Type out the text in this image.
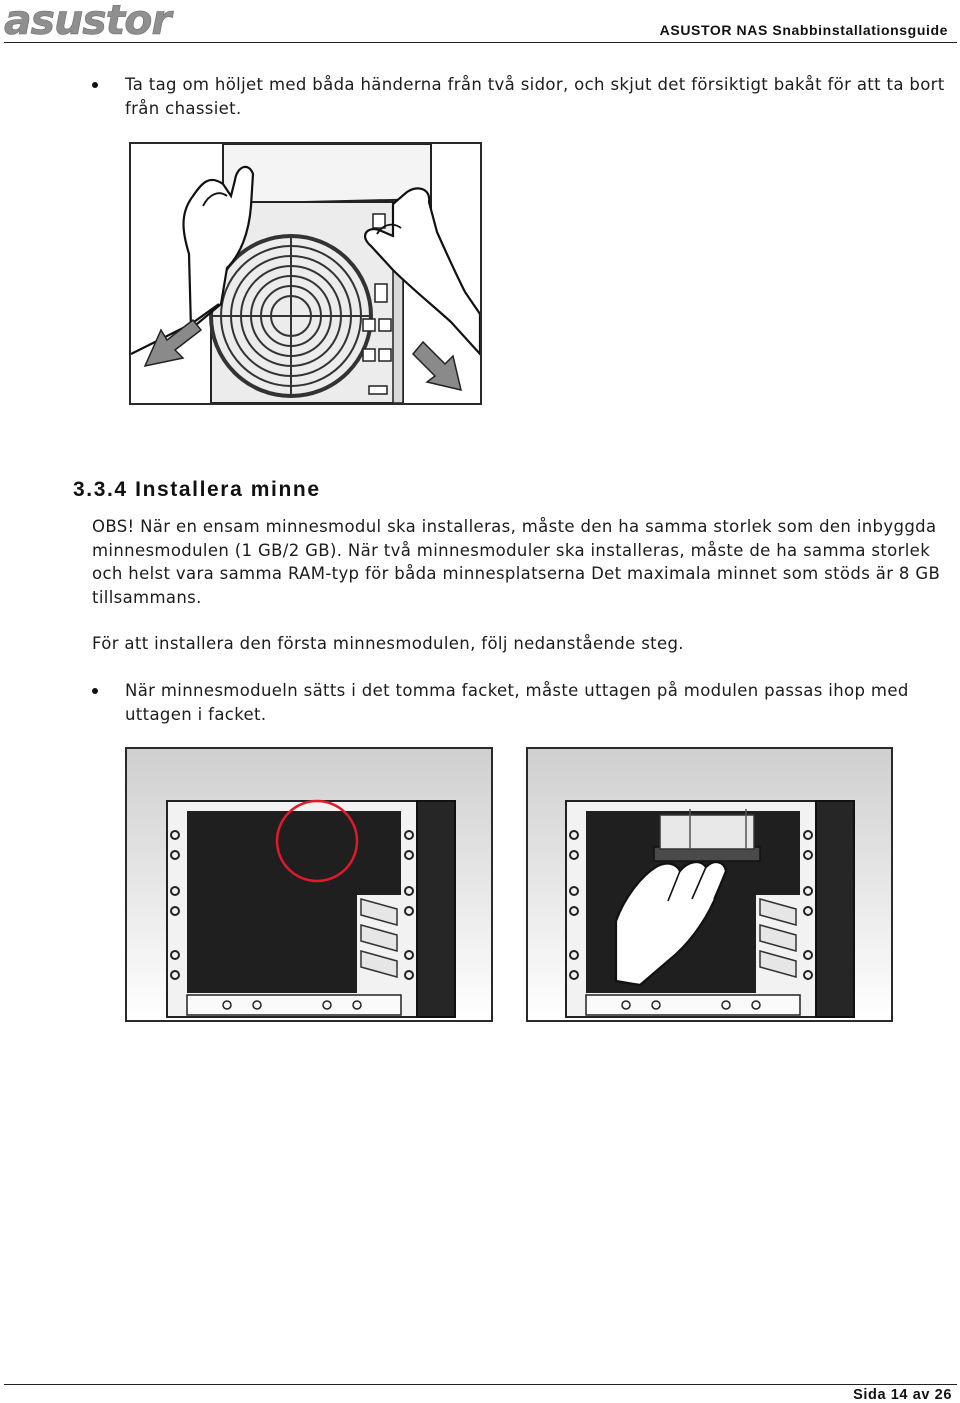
asustor	ASUSTOR NAS Snabbinstallationsguide
Ta tag om höljet med båda händerna från två sidor, och skjut det försiktigt bakåt för att ta bort från chassiet.
3.3.4 Installera minne
OBS! När en ensam minnesmodul ska installeras, måste den ha samma storlek som den inbyggda minnesmodulen (1 GB/2 GB). När två minnesmoduler ska installeras, måste de ha samma storlek och helst vara samma RAM-typ för båda minnesplatserna Det maximala minnet som stöds är 8 GB tillsammans.
För att installera den första minnesmodulen, följ nedanstående steg.
När minnesmodueln sätts i det tomma facket, måste uttagen på modulen passas ihop med uttagen i facket.
Sida 14 av 26
